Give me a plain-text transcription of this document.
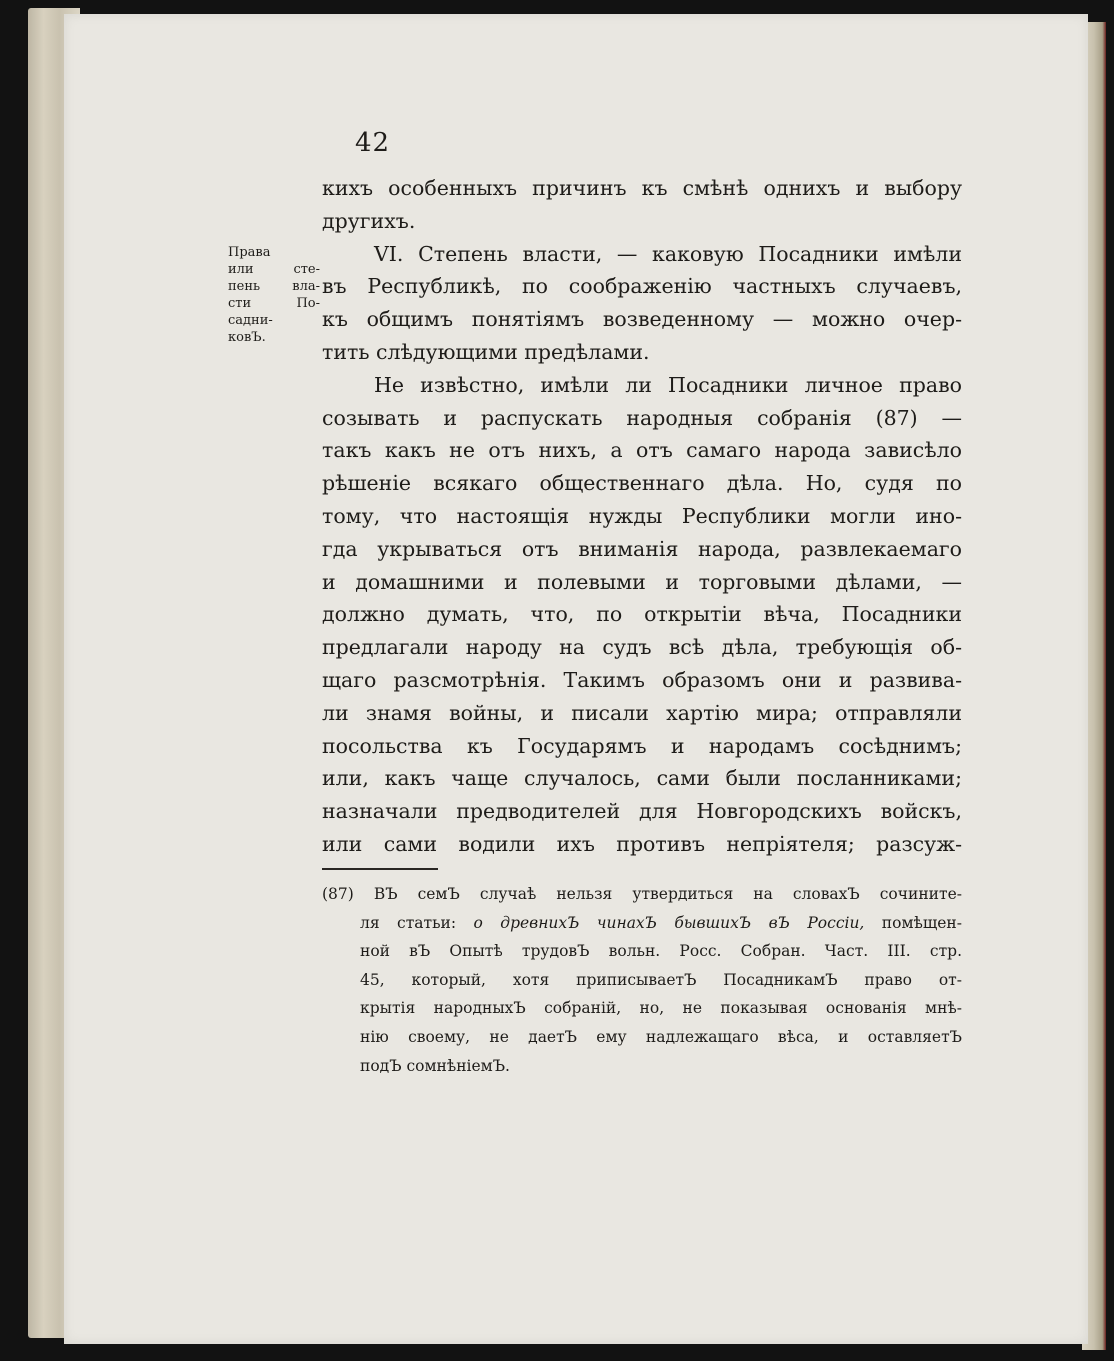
42

Права

или сте-

пень вла-

сти По-

садни-

ковЪ.

кихъ особенныхъ причинъ къ смѣнѣ однихъ и выбору

другихъ.

VI. Степень власти, — каковую Посадники имѣли

въ Республикѣ, по соображенію частныхъ случаевъ,

къ общимъ понятіямъ возведенному — можно очер-

тить слѣдующими предѣлами.

Не извѣстно, имѣли ли Посадники личное право

созывать и распускать народныя собранія (87) —

такъ какъ не отъ нихъ, а отъ самаго народа зависѣло

рѣшеніе всякаго общественнаго дѣла. Но, судя по

тому, что настоящія нужды Республики могли ино-

гда укрываться отъ вниманія народа, развлекаемаго

и домашними и полевыми и торговыми дѣлами, —

должно думать, что, по открытіи вѣча, Посадники

предлагали народу на судъ всѣ дѣла, требующія об-

щаго разсмотрѣнія. Такимъ образомъ они и развива-

ли знамя войны, и писали хартію мира; отправляли

посольства къ Государямъ и народамъ сосѣднимъ;

или, какъ чаще случалось, сами были посланниками;

назначали предводителей для Новгородскихъ войскъ,

или сами водили ихъ противъ непріятеля; разсуж-

(87) ВЪ семЪ случаѣ нельзя утвердиться на словахЪ сочините-

ля статьи: о древнихЪ чинахЪ бывшихЪ вЪ Россіи, помѣщен-

ной вЪ Опытѣ трудовЪ вольн. Росс. Собран. Част. III. стр.

45, который, хотя приписываетЪ ПосадникамЪ право от-

крытія народныхЪ собраній, но, не показывая основанія мнѣ-

нію своему, не даетЪ ему надлежащаго вѣса, и оставляетЪ

подЪ сомнѣніемЪ.
